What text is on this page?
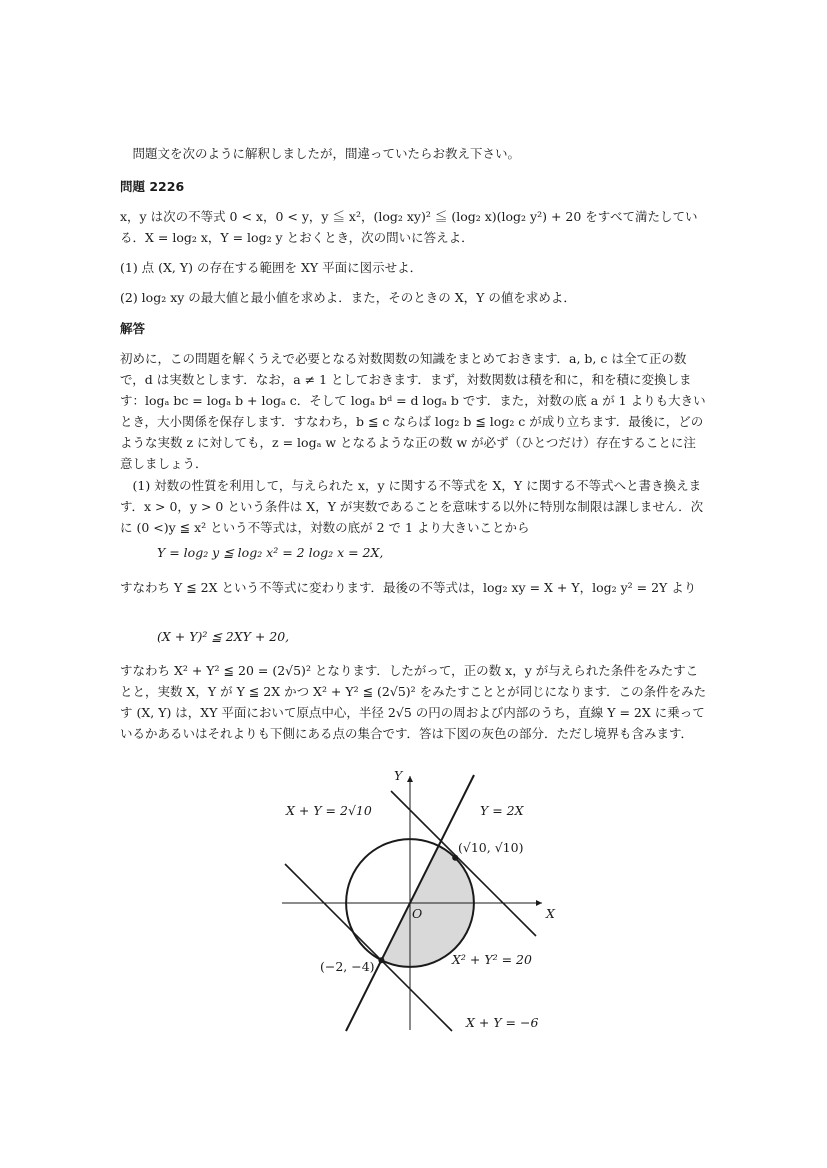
問題文を次のように解釈しましたが，間違っていたらお教え下さい。

問題 2226

x，y は次の不等式 0 < x，0 < y，y ≦ x²，(log₂ xy)² ≦ (log₂ x)(log₂ y²) + 20 をすべて満たしている．X = log₂ x，Y = log₂ y とおくとき，次の問いに答えよ．

(1) 点 (X, Y) の存在する範囲を XY 平面に図示せよ．

(2) log₂ xy の最大値と最小値を求めよ．また，そのときの X，Y の値を求めよ．

解答

初めに，この問題を解くうえで必要となる対数関数の知識をまとめておきます．a, b, c は全て正の数で，d は実数とします．なお，a ≠ 1 としておきます．まず，対数関数は積を和に，和を積に変換します：logₐ bc = logₐ b + logₐ c．そして logₐ bᵈ = d logₐ b です．また，対数の底 a が 1 よりも大きいとき，大小関係を保存します．すなわち，b ≦ c ならば log₂ b ≦ log₂ c が成り立ちます．最後に，どのような実数 z に対しても，z = logₐ w となるような正の数 w が必ず（ひとつだけ）存在することに注意しましょう．

(1) 対数の性質を利用して，与えられた x，y に関する不等式を X，Y に関する不等式へと書き換えます．x > 0，y > 0 という条件は X，Y が実数であることを意味する以外に特別な制限は課しません．次に (0 <)y ≦ x² という不等式は，対数の底が 2 で 1 より大きいことから

Y = log₂ y ≦ log₂ x² = 2 log₂ x = 2X,

すなわち Y ≦ 2X という不等式に変わります．最後の不等式は，log₂ xy = X + Y，log₂ y² = 2Y より

(X + Y)² ≦ 2XY + 20,

すなわち X² + Y² ≦ 20 = (2√5)² となります．したがって，正の数 x，y が与えられた条件をみたすことと，実数 X，Y が Y ≦ 2X かつ X² + Y² ≦ (2√5)² をみたすこととが同じになります．この条件をみたす (X, Y) は，XY 平面において原点中心，半径 2√5 の円の周および内部のうち，直線 Y = 2X に乗っているかあるいはそれよりも下側にある点の集合です．答は下図の灰色の部分．ただし境界も含みます．

X
Y
O
X + Y = 2√10	Y = 2X
(√10, √10)
(−2, −4)	X² + Y² = 20
X + Y = −6
